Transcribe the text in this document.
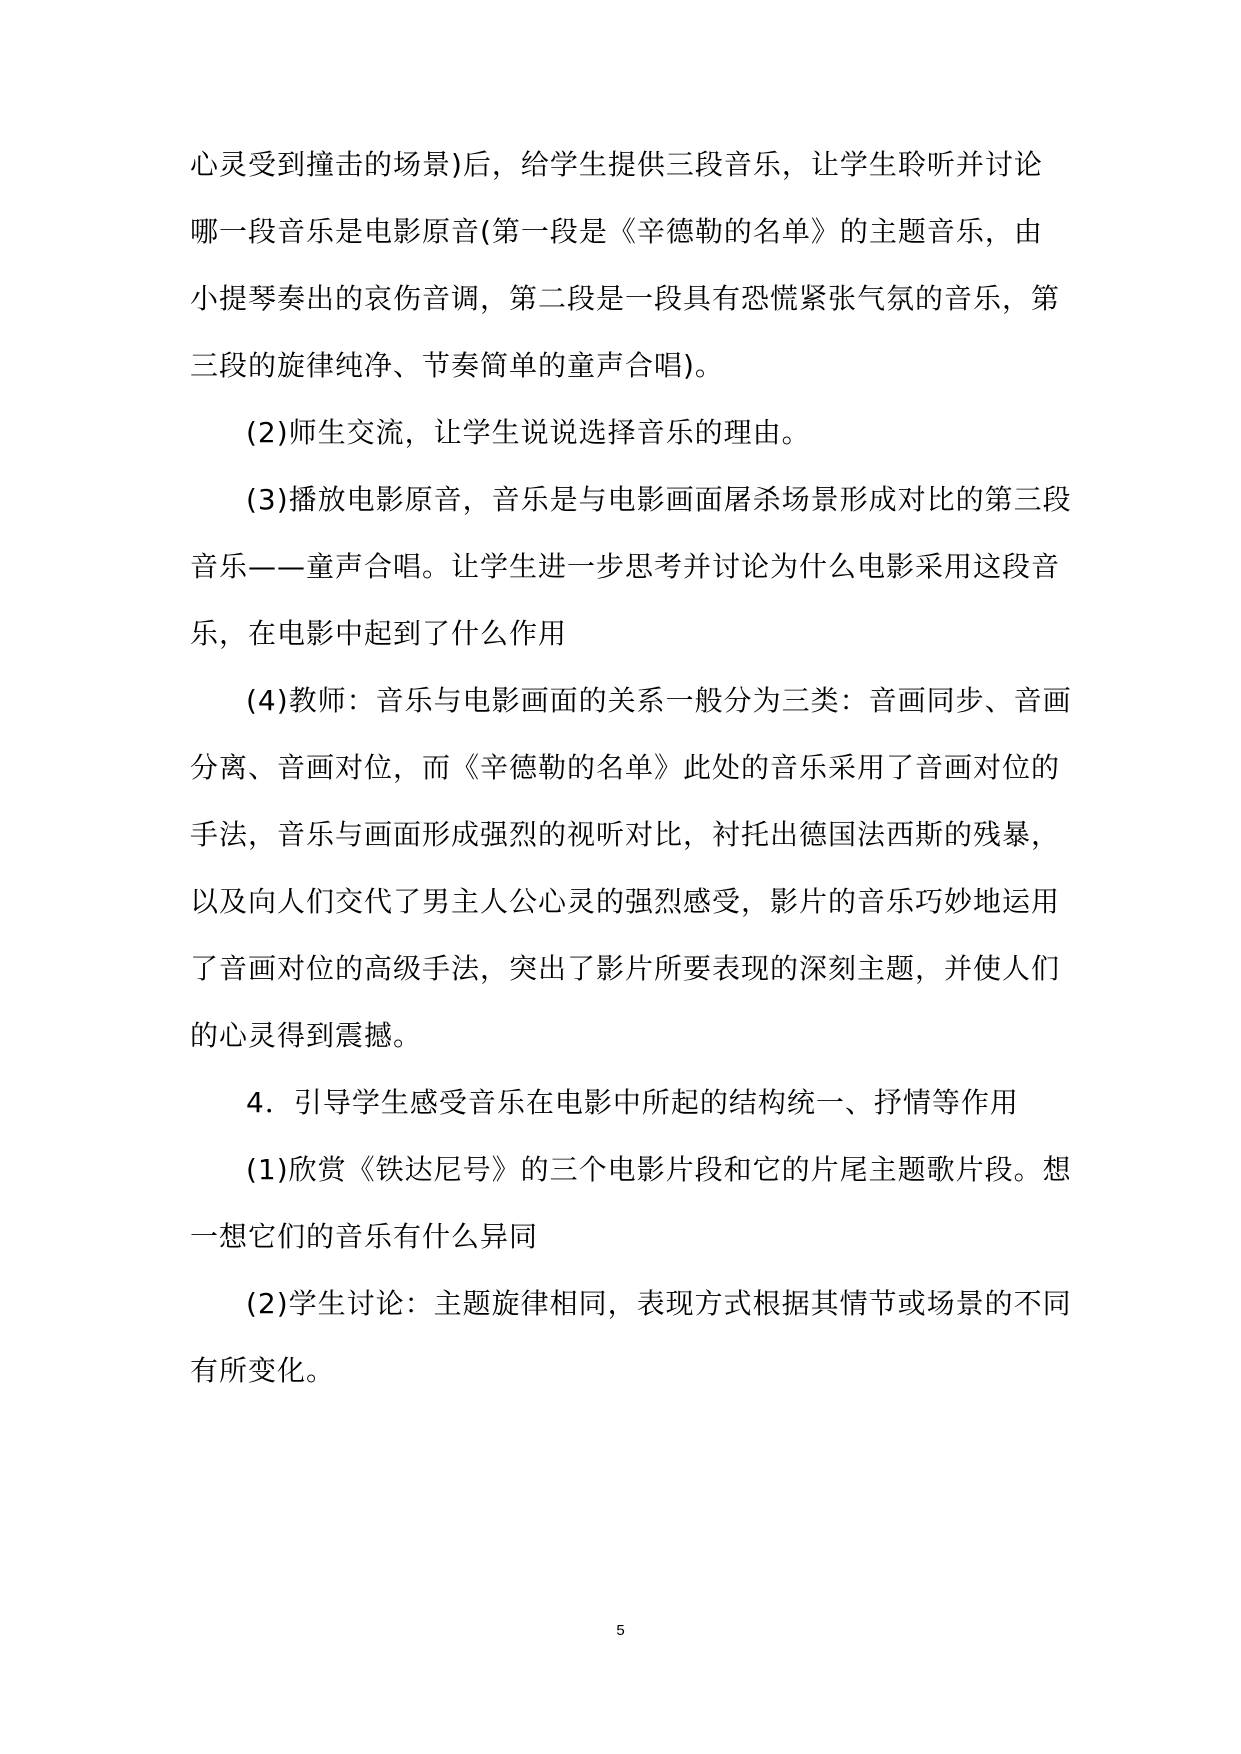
心灵受到撞击的场景)后，给学生提供三段音乐，让学生聆听并讨论
哪一段音乐是电影原音(第一段是《辛德勒的名单》的主题音乐，由
小提琴奏出的哀伤音调，第二段是一段具有恐慌紧张气氛的音乐，第
三段的旋律纯净、节奏简单的童声合唱)。
(2)师生交流，让学生说说选择音乐的理由。
(3)播放电影原音，音乐是与电影画面屠杀场景形成对比的第三段
音乐——童声合唱。让学生进一步思考并讨论为什么电影采用这段音
乐，在电影中起到了什么作用
(4)教师：音乐与电影画面的关系一般分为三类：音画同步、音画
分离、音画对位，而《辛德勒的名单》此处的音乐采用了音画对位的
手法，音乐与画面形成强烈的视听对比，衬托出德国法西斯的残暴，
以及向人们交代了男主人公心灵的强烈感受，影片的音乐巧妙地运用
了音画对位的高级手法，突出了影片所要表现的深刻主题，并使人们
的心灵得到震撼。
4．引导学生感受音乐在电影中所起的结构统一、抒情等作用
(1)欣赏《铁达尼号》的三个电影片段和它的片尾主题歌片段。想
一想它们的音乐有什么异同
(2)学生讨论：主题旋律相同，表现方式根据其情节或场景的不同
有所变化。
5
